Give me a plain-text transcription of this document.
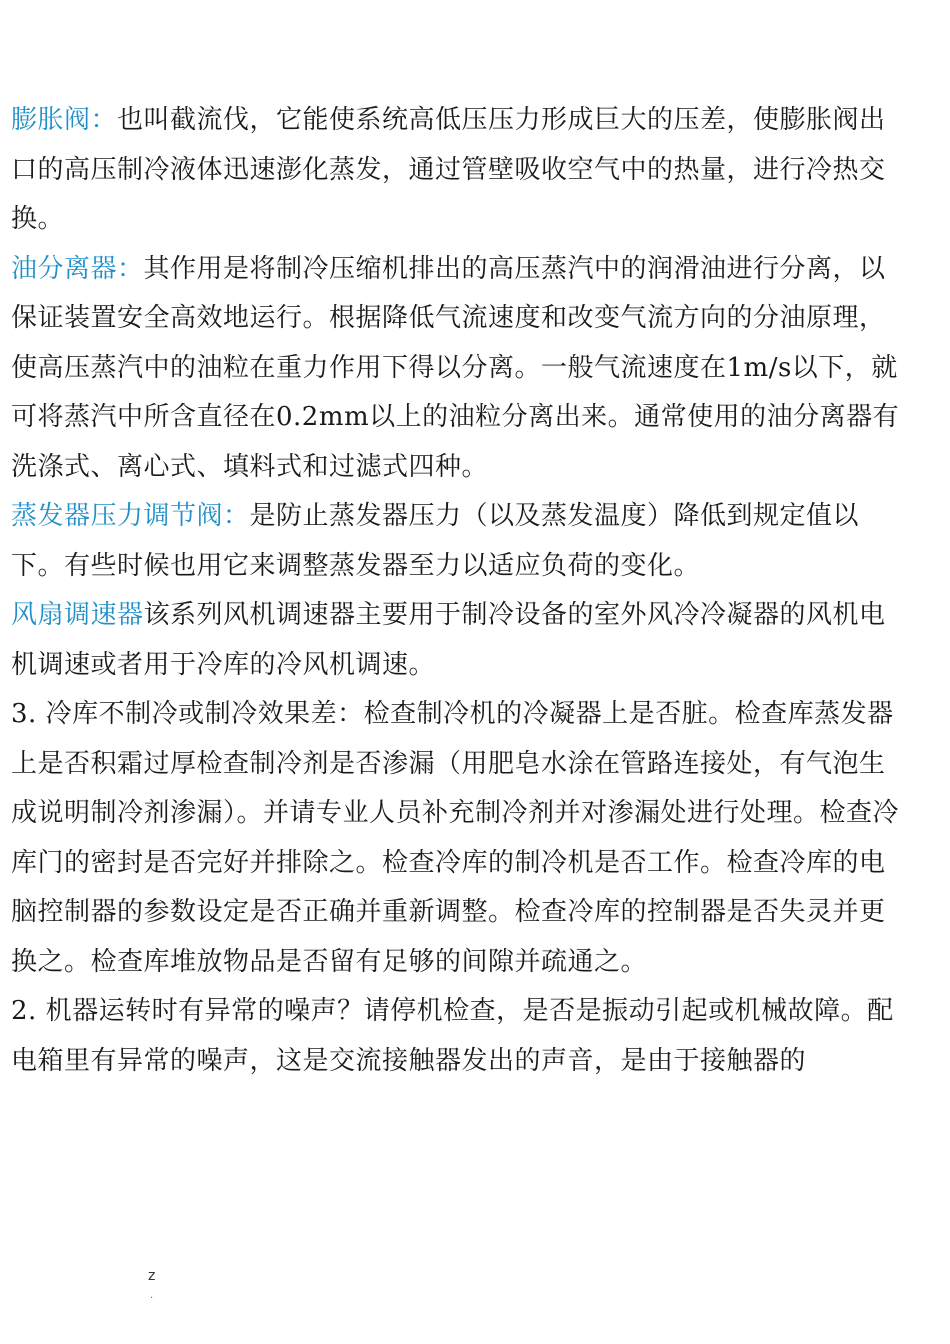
膨胀阀：也叫截流伐，它能使系统高低压压力形成巨大的压差，使膨胀阀出口的高压制冷液体迅速澎化蒸发，通过管壁吸收空气中的热量，进行冷热交换。

油分离器：其作用是将制冷压缩机排出的高压蒸汽中的润滑油进行分离，以保证装置安全高效地运行。根据降低气流速度和改变气流方向的分油原理，使高压蒸汽中的油粒在重力作用下得以分离。一般气流速度在1m/s以下，就可将蒸汽中所含直径在0.2mm以上的油粒分离出来。通常使用的油分离器有洗涤式、离心式、填料式和过滤式四种。

蒸发器压力调节阀：是防止蒸发器压力（以及蒸发温度）降低到规定值以下。有些时候也用它来调整蒸发器至力以适应负荷的变化。

风扇调速器该系列风机调速器主要用于制冷设备的室外风冷冷凝器的风机电机调速或者用于冷库的冷风机调速。

3. 冷库不制冷或制冷效果差：检查制冷机的冷凝器上是否脏。检查库蒸发器上是否积霜过厚检查制冷剂是否渗漏（用肥皂水涂在管路连接处，有气泡生成说明制冷剂渗漏）。并请专业人员补充制冷剂并对渗漏处进行处理。检查冷库门的密封是否完好并排除之。检查冷库的制冷机是否工作。检查冷库的电脑控制器的参数设定是否正确并重新调整。检查冷库的控制器是否失灵并更换之。检查库堆放物品是否留有足够的间隙并疏通之。

2. 机器运转时有异常的噪声？请停机检查，是否是振动引起或机械故障。配电箱里有异常的噪声，这是交流接触器发出的声音，是由于接触器的

z
.
